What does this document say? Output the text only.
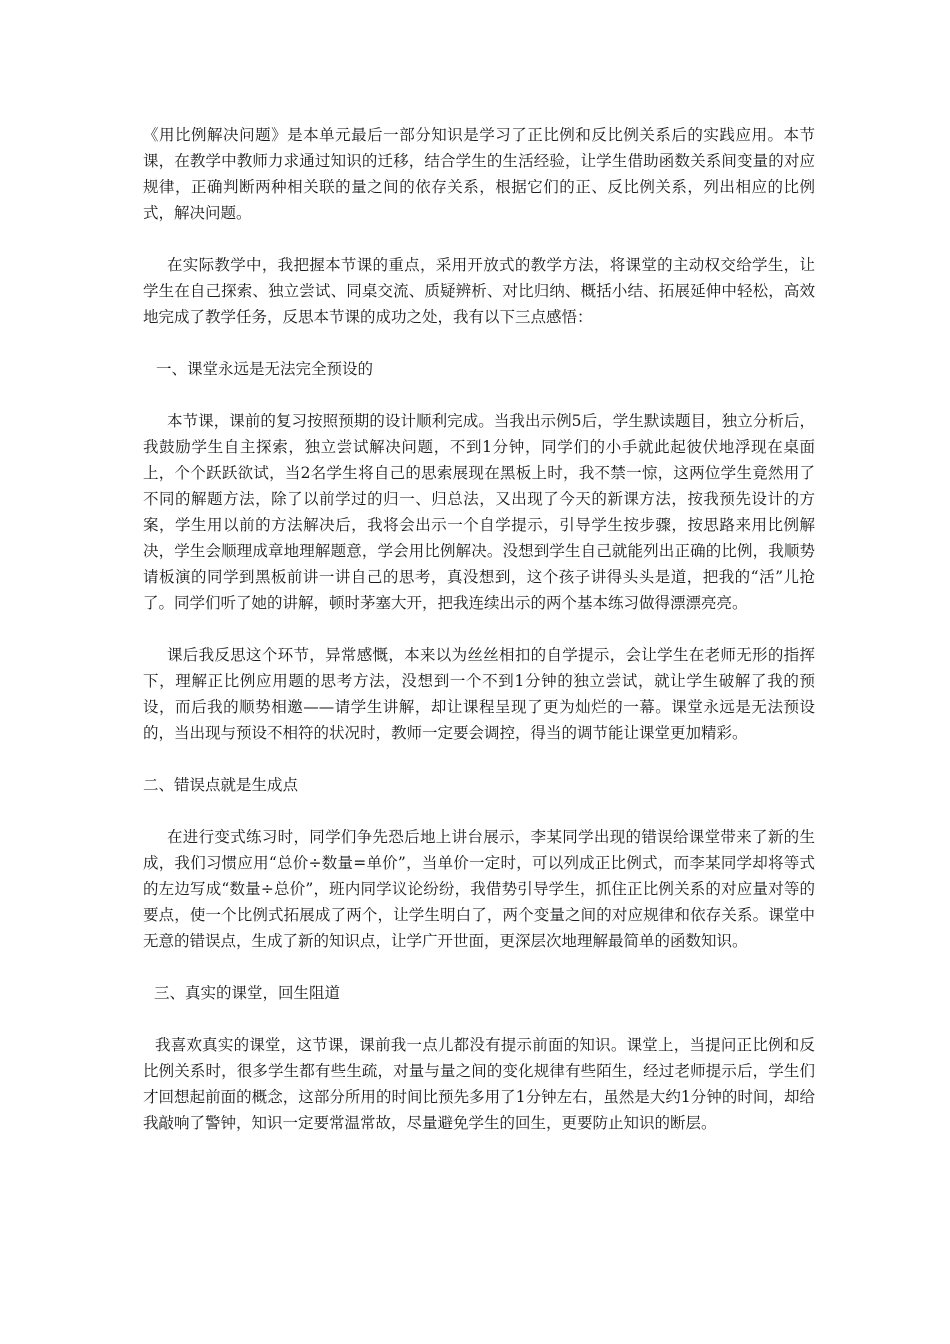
《用比例解决问题》是本单元最后一部分知识是学习了正比例和反比例关系后的实践应用。本节课，在教学中教师力求通过知识的迁移，结合学生的生活经验，让学生借助函数关系间变量的对应规律，正确判断两种相关联的量之间的依存关系，根据它们的正、反比例关系，列出相应的比例式，解决问题。

在实际教学中，我把握本节课的重点，采用开放式的教学方法，将课堂的主动权交给学生，让学生在自己探索、独立尝试、同桌交流、质疑辨析、对比归纳、概括小结、拓展延伸中轻松，高效地完成了教学任务，反思本节课的成功之处，我有以下三点感悟：

一、课堂永远是无法完全预设的

本节课，课前的复习按照预期的设计顺利完成。当我出示例5后，学生默读题目，独立分析后，我鼓励学生自主探索，独立尝试解决问题，不到1分钟，同学们的小手就此起彼伏地浮现在桌面上，个个跃跃欲试，当2名学生将自己的思索展现在黑板上时，我不禁一惊，这两位学生竟然用了不同的解题方法，除了以前学过的归一、归总法，又出现了今天的新课方法，按我预先设计的方案，学生用以前的方法解决后，我将会出示一个自学提示，引导学生按步骤，按思路来用比例解决，学生会顺理成章地理解题意，学会用比例解决。没想到学生自己就能列出正确的比例，我顺势请板演的同学到黑板前讲一讲自己的思考，真没想到，这个孩子讲得头头是道，把我的“活”儿抢了。同学们听了她的讲解，顿时茅塞大开，把我连续出示的两个基本练习做得漂漂亮亮。

课后我反思这个环节，异常感慨，本来以为丝丝相扣的自学提示，会让学生在老师无形的指挥下，理解正比例应用题的思考方法，没想到一个不到1分钟的独立尝试，就让学生破解了我的预设，而后我的顺势相邀——请学生讲解，却让课程呈现了更为灿烂的一幕。课堂永远是无法预设的，当出现与预设不相符的状况时，教师一定要会调控，得当的调节能让课堂更加精彩。

二、错误点就是生成点

在进行变式练习时，同学们争先恐后地上讲台展示，李某同学出现的错误给课堂带来了新的生成，我们习惯应用“总价÷数量=单价”，当单价一定时，可以列成正比例式，而李某同学却将等式的左边写成“数量÷总价”，班内同学议论纷纷，我借势引导学生，抓住正比例关系的对应量对等的要点，使一个比例式拓展成了两个，让学生明白了，两个变量之间的对应规律和依存关系。课堂中无意的错误点，生成了新的知识点，让学广开世面，更深层次地理解最简单的函数知识。

三、真实的课堂，回生阻道

我喜欢真实的课堂，这节课，课前我一点儿都没有提示前面的知识。课堂上，当提问正比例和反比例关系时，很多学生都有些生疏，对量与量之间的变化规律有些陌生，经过老师提示后，学生们才回想起前面的概念，这部分所用的时间比预先多用了1分钟左右，虽然是大约1分钟的时间，却给我敲响了警钟，知识一定要常温常故，尽量避免学生的回生，更要防止知识的断层。
